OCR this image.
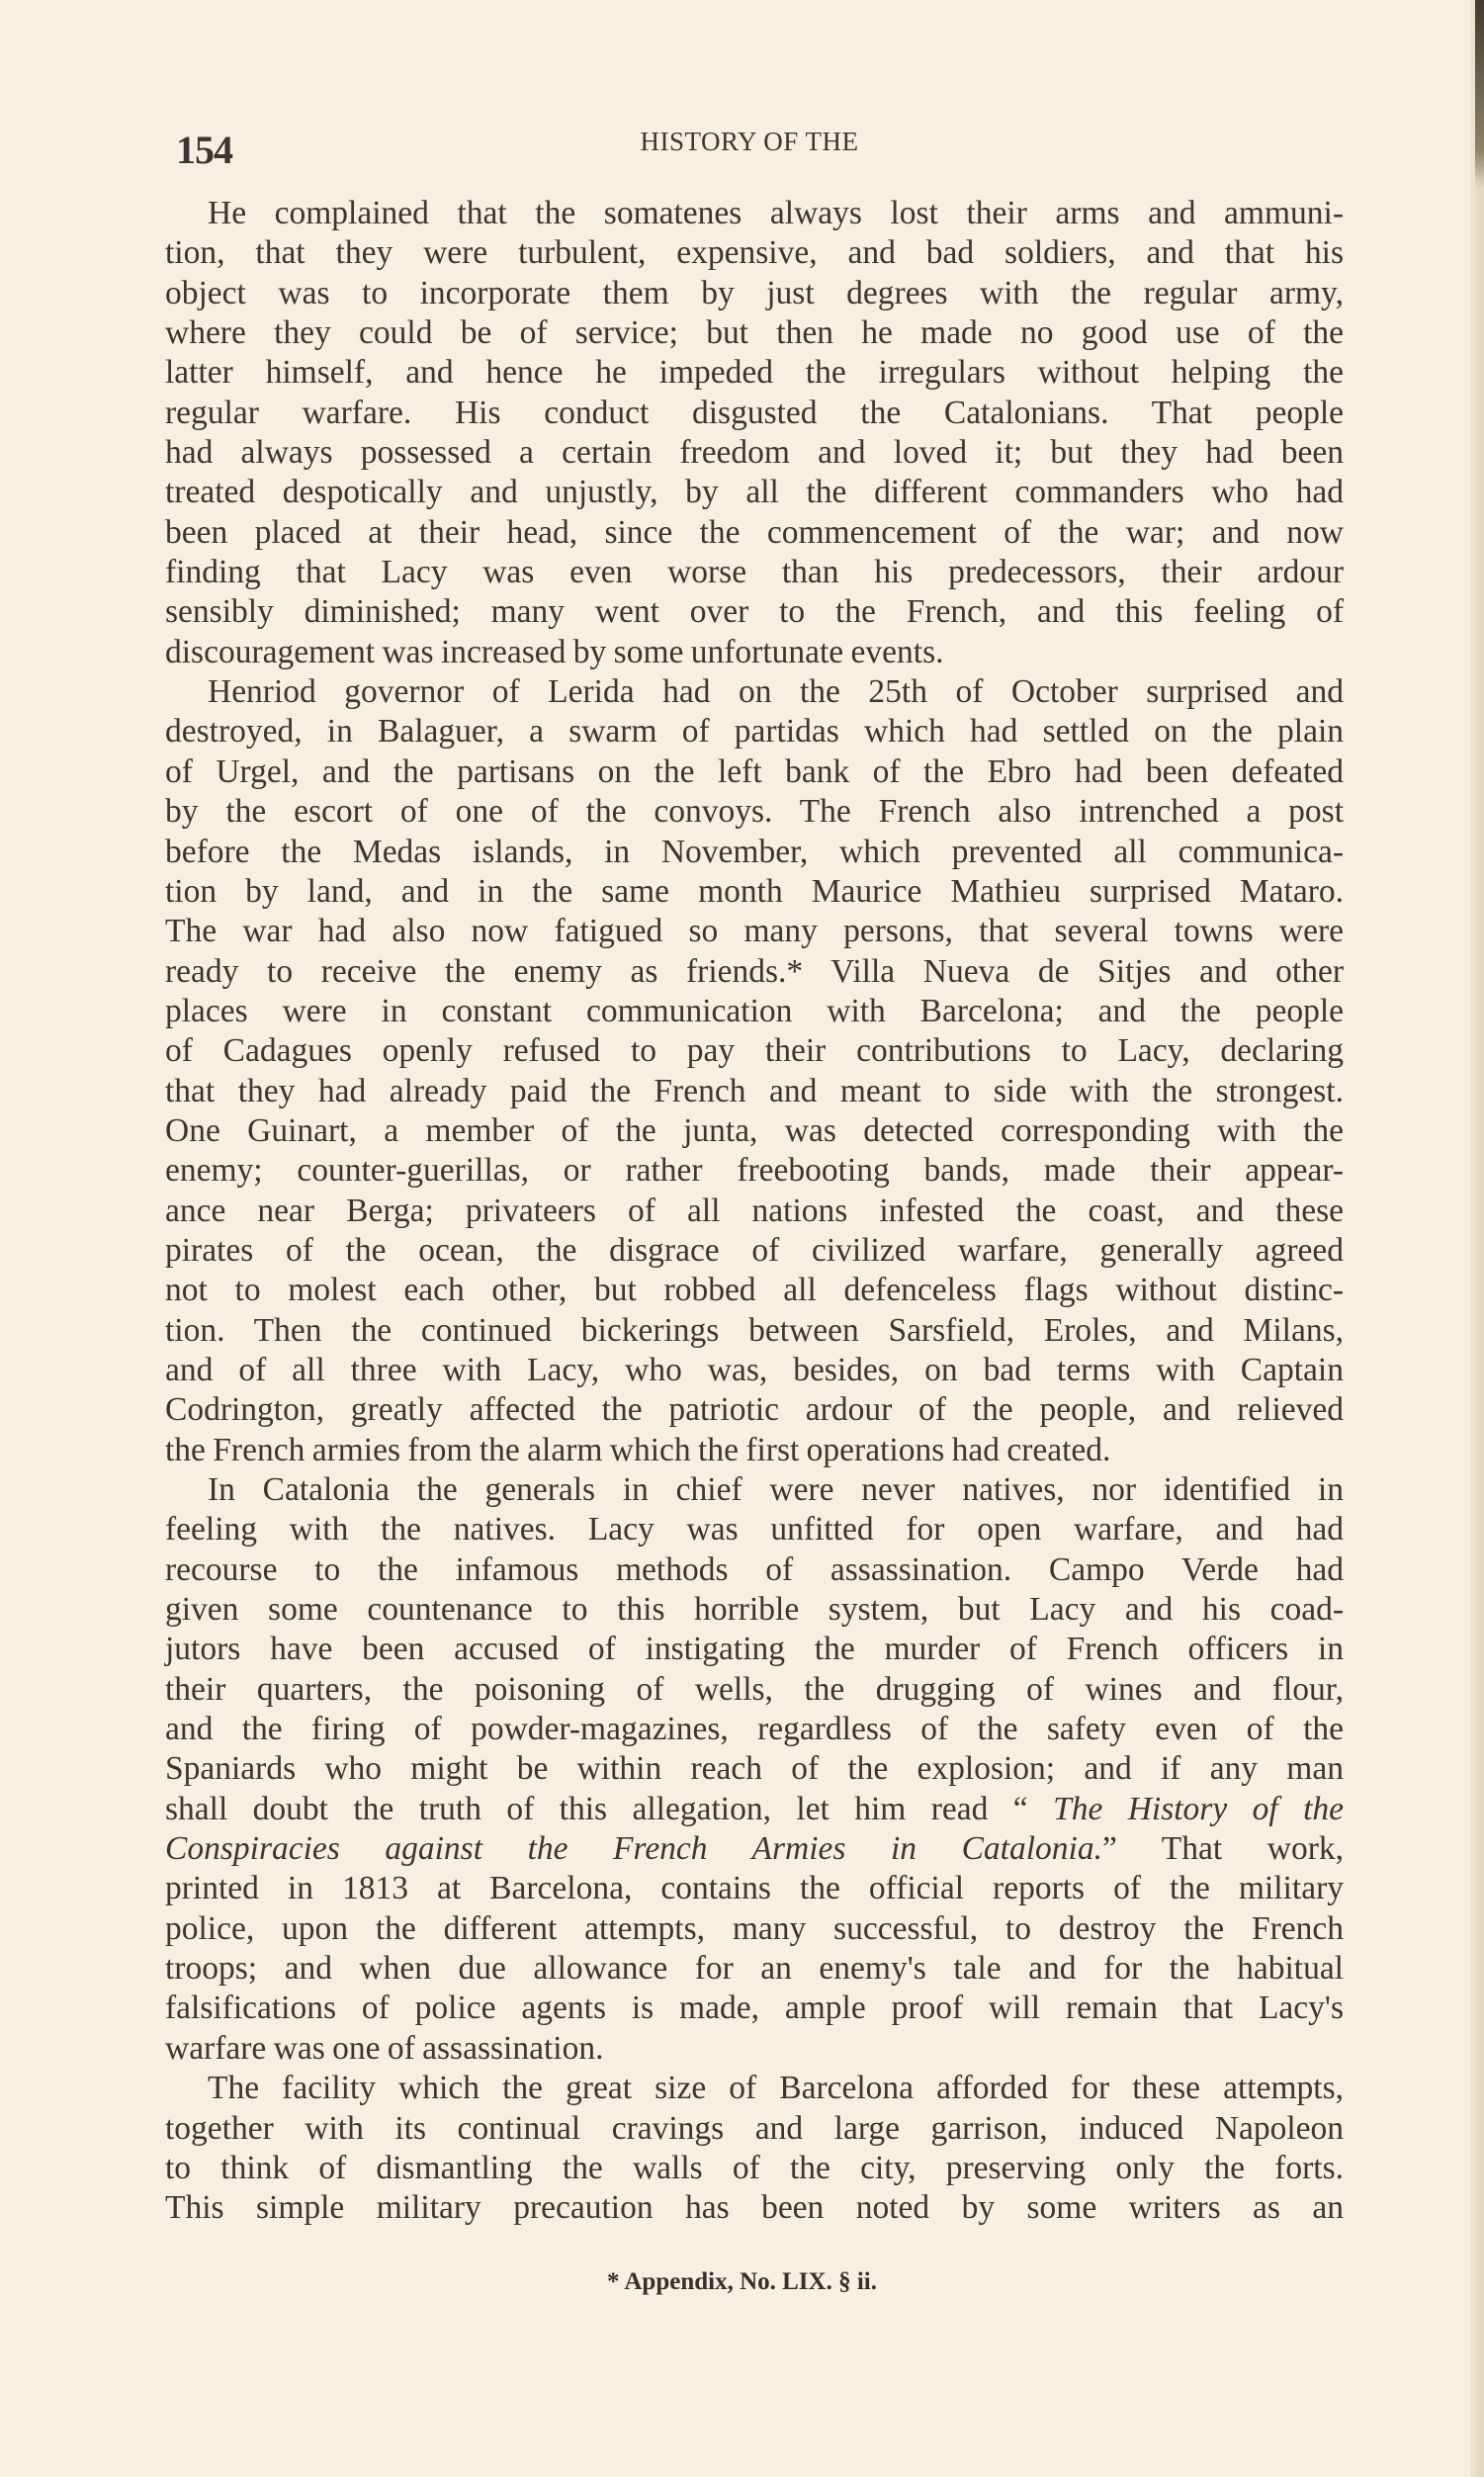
154	HISTORY OF THE
He complained that the somatenes always lost their arms and ammuni-
tion, that they were turbulent, expensive, and bad soldiers, and that his
object was to incorporate them by just degrees with the regular army,
where they could be of service; but then he made no good use of the
latter himself, and hence he impeded the irregulars without helping the
regular warfare. His conduct disgusted the Catalonians. That people
had always possessed a certain freedom and loved it; but they had been
treated despotically and unjustly, by all the different commanders who had
been placed at their head, since the commencement of the war; and now
finding that Lacy was even worse than his predecessors, their ardour
sensibly diminished; many went over to the French, and this feeling of
discouragement was increased by some unfortunate events.
Henriod governor of Lerida had on the 25th of October surprised and
destroyed, in Balaguer, a swarm of partidas which had settled on the plain
of Urgel, and the partisans on the left bank of the Ebro had been defeated
by the escort of one of the convoys. The French also intrenched a post
before the Medas islands, in November, which prevented all communica-
tion by land, and in the same month Maurice Mathieu surprised Mataro.
The war had also now fatigued so many persons, that several towns were
ready to receive the enemy as friends.* Villa Nueva de Sitjes and other
places were in constant communication with Barcelona; and the people
of Cadagues openly refused to pay their contributions to Lacy, declaring
that they had already paid the French and meant to side with the strongest.
One Guinart, a member of the junta, was detected corresponding with the
enemy; counter-guerillas, or rather freebooting bands, made their appear-
ance near Berga; privateers of all nations infested the coast, and these
pirates of the ocean, the disgrace of civilized warfare, generally agreed
not to molest each other, but robbed all defenceless flags without distinc-
tion. Then the continued bickerings between Sarsfield, Eroles, and Milans,
and of all three with Lacy, who was, besides, on bad terms with Captain
Codrington, greatly affected the patriotic ardour of the people, and relieved
the French armies from the alarm which the first operations had created.
In Catalonia the generals in chief were never natives, nor identified in
feeling with the natives. Lacy was unfitted for open warfare, and had
recourse to the infamous methods of assassination. Campo Verde had
given some countenance to this horrible system, but Lacy and his coad-
jutors have been accused of instigating the murder of French officers in
their quarters, the poisoning of wells, the drugging of wines and flour,
and the firing of powder-magazines, regardless of the safety even of the
Spaniards who might be within reach of the explosion; and if any man
shall doubt the truth of this allegation, let him read “ The History of the
Conspiracies against the French Armies in Catalonia.” That work,
printed in 1813 at Barcelona, contains the official reports of the military
police, upon the different attempts, many successful, to destroy the French
troops; and when due allowance for an enemy's tale and for the habitual
falsifications of police agents is made, ample proof will remain that Lacy's
warfare was one of assassination.
The facility which the great size of Barcelona afforded for these attempts,
together with its continual cravings and large garrison, induced Napoleon
to think of dismantling the walls of the city, preserving only the forts.
This simple military precaution has been noted by some writers as an
* Appendix, No. LIX. § ii.
